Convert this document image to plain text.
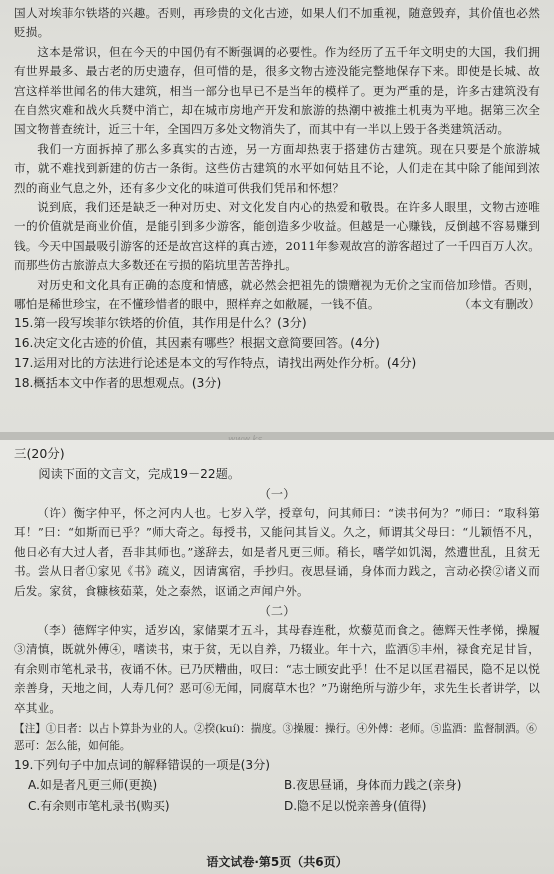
国人对埃菲尔铁塔的兴趣。否则，再珍贵的文化古迹，如果人们不加重视，随意毁弃，其价值也必然贬损。

这本是常识，但在今天的中国仍有不断强调的必要性。作为经历了五千年文明史的大国，我们拥有世界最多、最古老的历史遗存，但可惜的是，很多文物古迹没能完整地保存下来。即使是长城、故宫这样举世闻名的伟大建筑，相当一部分也早已不是当年的模样了。更为严重的是，许多古建筑没有在自然灾难和战火兵燹中消亡，却在城市房地产开发和旅游的热潮中被推土机夷为平地。据第三次全国文物普查统计，近三十年，全国四万多处文物消失了，而其中有一半以上毁于各类建筑活动。

我们一方面拆掉了那么多真实的古迹，另一方面却热衷于搭建仿古建筑。现在只要是个旅游城市，就不难找到新建的仿古一条街。这些仿古建筑的水平如何姑且不论，人们走在其中除了能闻到浓烈的商业气息之外，还有多少文化的味道可供我们凭吊和怀想？

说到底，我们还是缺乏一种对历史、对文化发自内心的热爱和敬畏。在许多人眼里，文物古迹唯一的价值就是商业价值，是能引到多少游客，能创造多少收益。但越是一心赚钱，反倒越不容易赚到钱。今天中国最吸引游客的还是故宫这样的真古迹，2011年参观故宫的游客超过了一千四百万人次。而那些仿古旅游点大多数还在亏损的陷坑里苦苦挣扎。

对历史和文化具有正确的态度和情感，就必然会把祖先的馈赠视为无价之宝而倍加珍惜。否则，哪怕是稀世珍宝，在不懂珍惜者的眼中，照样弃之如敝屣，一钱不值。	（本文有删改）

15.第一段写埃菲尔铁塔的价值，其作用是什么？(3分)

16.决定文化古迹的价值，其因素有哪些？根据文意简要回答。(4分)

17.运用对比的方法进行论述是本文的写作特点，请找出两处作分析。(4分)

18.概括本文中作者的思想观点。(3分)

三(20分)

阅读下面的文言文，完成19－22题。

（一）

（许）衡字仲平，怀之河内人也。七岁入学，授章句，问其师曰：“读书何为？”师曰：“取科第耳！”曰：“如斯而已乎？”师大奇之。每授书，又能问其旨义。久之，师谓其父母曰：“儿颖悟不凡，他日必有大过人者，吾非其师也。”遂辞去，如是者凡更三师。稍长，嗜学如饥渴，然遭世乱，且贫无书。尝从日者①家见《书》疏义，因请寓宿，手抄归。夜思昼诵，身体而力践之，言动必揆②诸义而后发。家贫，食糠核茹菜，处之泰然，讴诵之声闻户外。

（二）

（李）德辉字仲实，适岁凶，家储粟才五斗，其母舂连秕，炊藜苋而食之。德辉天性孝悌，操履③清慎，既就外傅④，嗜读书，束于贫，无以自养，乃辍业。年十六，监酒⑤丰州，禄食充足甘旨，有余则市笔札录书，夜诵不休。已乃厌糟曲，叹曰：“志士顾安此乎！仕不足以匡君福民，隐不足以悦亲善身，天地之间，人寿几何？恶可⑥无闻，同腐草木也？”乃谢绝所与游少年，求先生长者讲学，以卒其业。

【注】①日者：以占卜算卦为业的人。②揆(kuí)：揣度。③操履：操行。④外傅：老师。⑤监酒：监督制酒。⑥恶可：怎么能，如何能。

19.下列句子中加点词的解释错误的一项是(3分)

A.如是者凡更三师(更换)	B.夜思昼诵，身体而力践之(亲身)
C.有余则市笔札录书(购买)	D.隐不足以悦亲善身(值得)
语文试卷·第5页（共6页）
